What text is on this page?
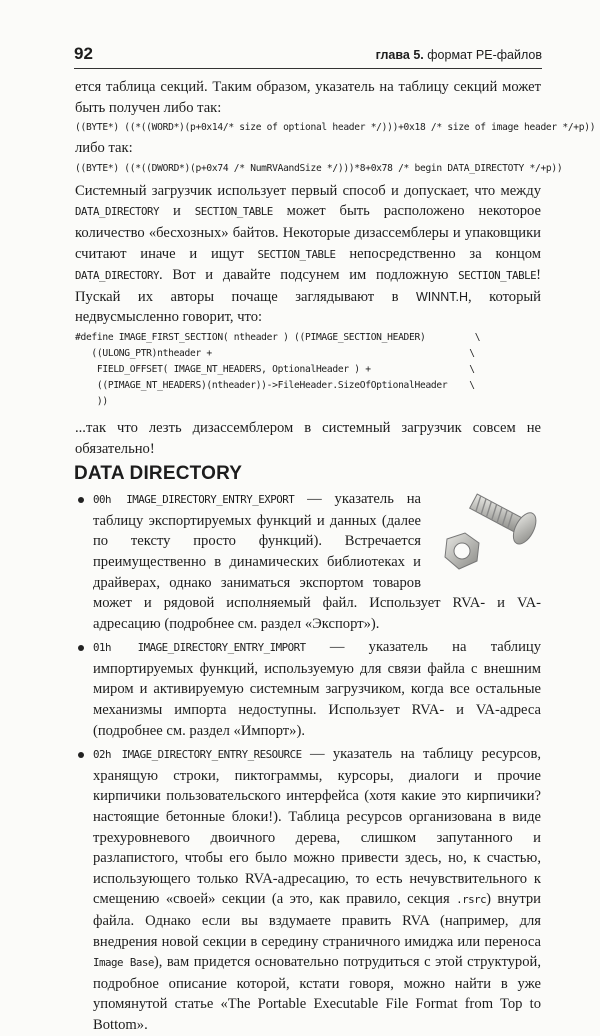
92	глава 5. формат PE-файлов

ется таблица секций. Таким образом, указатель на таблицу секций может быть получен либо так:

((BYTE*) ((*((WORD*)(p+0x14/* size of optional header */)))+0x18 /* size of image header */+p))

либо так:

((BYTE*) ((*((DWORD*)(p+0x74 /* NumRVAandSize */)))*8+0x78 /* begin DATA_DIRECTOTY */+p))

Системный загрузчик использует первый способ и допускает, что между DATA_DIRECTORY и SECTION_TABLE может быть расположено некоторое количество «бесхозных» байтов. Некоторые дизассемблеры и упаковщики считают иначе и ищут SECTION_TABLE непосредственно за концом DATA_DIRECTORY. Вот и давайте подсунем им подложную SECTION_TABLE! Пускай их авторы почаще заглядывают в WINNT.H, который недвусмысленно говорит, что:

#define IMAGE_FIRST_SECTION( ntheader ) ((PIMAGE_SECTION_HEADER)         \
((ULONG_PTR)ntheader +                                               \
FIELD_OFFSET( IMAGE_NT_HEADERS, OptionalHeader ) +                  \
((PIMAGE_NT_HEADERS)(ntheader))->FileHeader.SizeOfOptionalHeader    \
))

...так что лезть дизассемблером в системный загрузчик совсем не обязательно!

DATA DIRECTORY
00h IMAGE_DIRECTORY_ENTRY_EXPORT — указатель на таблицу экспортируемых функций и данных (далее по тексту просто функций). Встречается преимущественно в динамических библиотеках и драйверах, однако заниматься экспортом товаров может и рядовой исполняемый файл. Использует RVA- и VA-адресацию (подробнее см. раздел «Экспорт»).
01h IMAGE_DIRECTORY_ENTRY_IMPORT — указатель на таблицу импортируемых функций, используемую для связи файла с внешним миром и активируемую системным загрузчиком, когда все остальные механизмы импорта недоступны. Использует RVA- и VA-адреса (подробнее см. раздел «Импорт»).
02h IMAGE_DIRECTORY_ENTRY_RESOURCE — указатель на таблицу ресурсов, хранящую строки, пиктограммы, курсоры, диалоги и прочие кирпичики пользовательского интерфейса (хотя какие это кирпичики? настоящие бетонные блоки!). Таблица ресурсов организована в виде трехуровневого двоичного дерева, слишком запутанного и разлапистого, чтобы его было можно привести здесь, но, к счастью, использующего только RVA-адресацию, то есть нечувствительного к смещению «своей» секции (а это, как правило, секция .rsrc) внутри файла. Однако если вы вздумаете править RVA (например, для внедрения новой секции в середину страничного имиджа или переноса Image Base), вам придется основательно потрудиться с этой структурой, подробное описание которой, кстати говоря, можно найти в уже упомянутой статье «The Portable Executable File Format from Top to Bottom».
